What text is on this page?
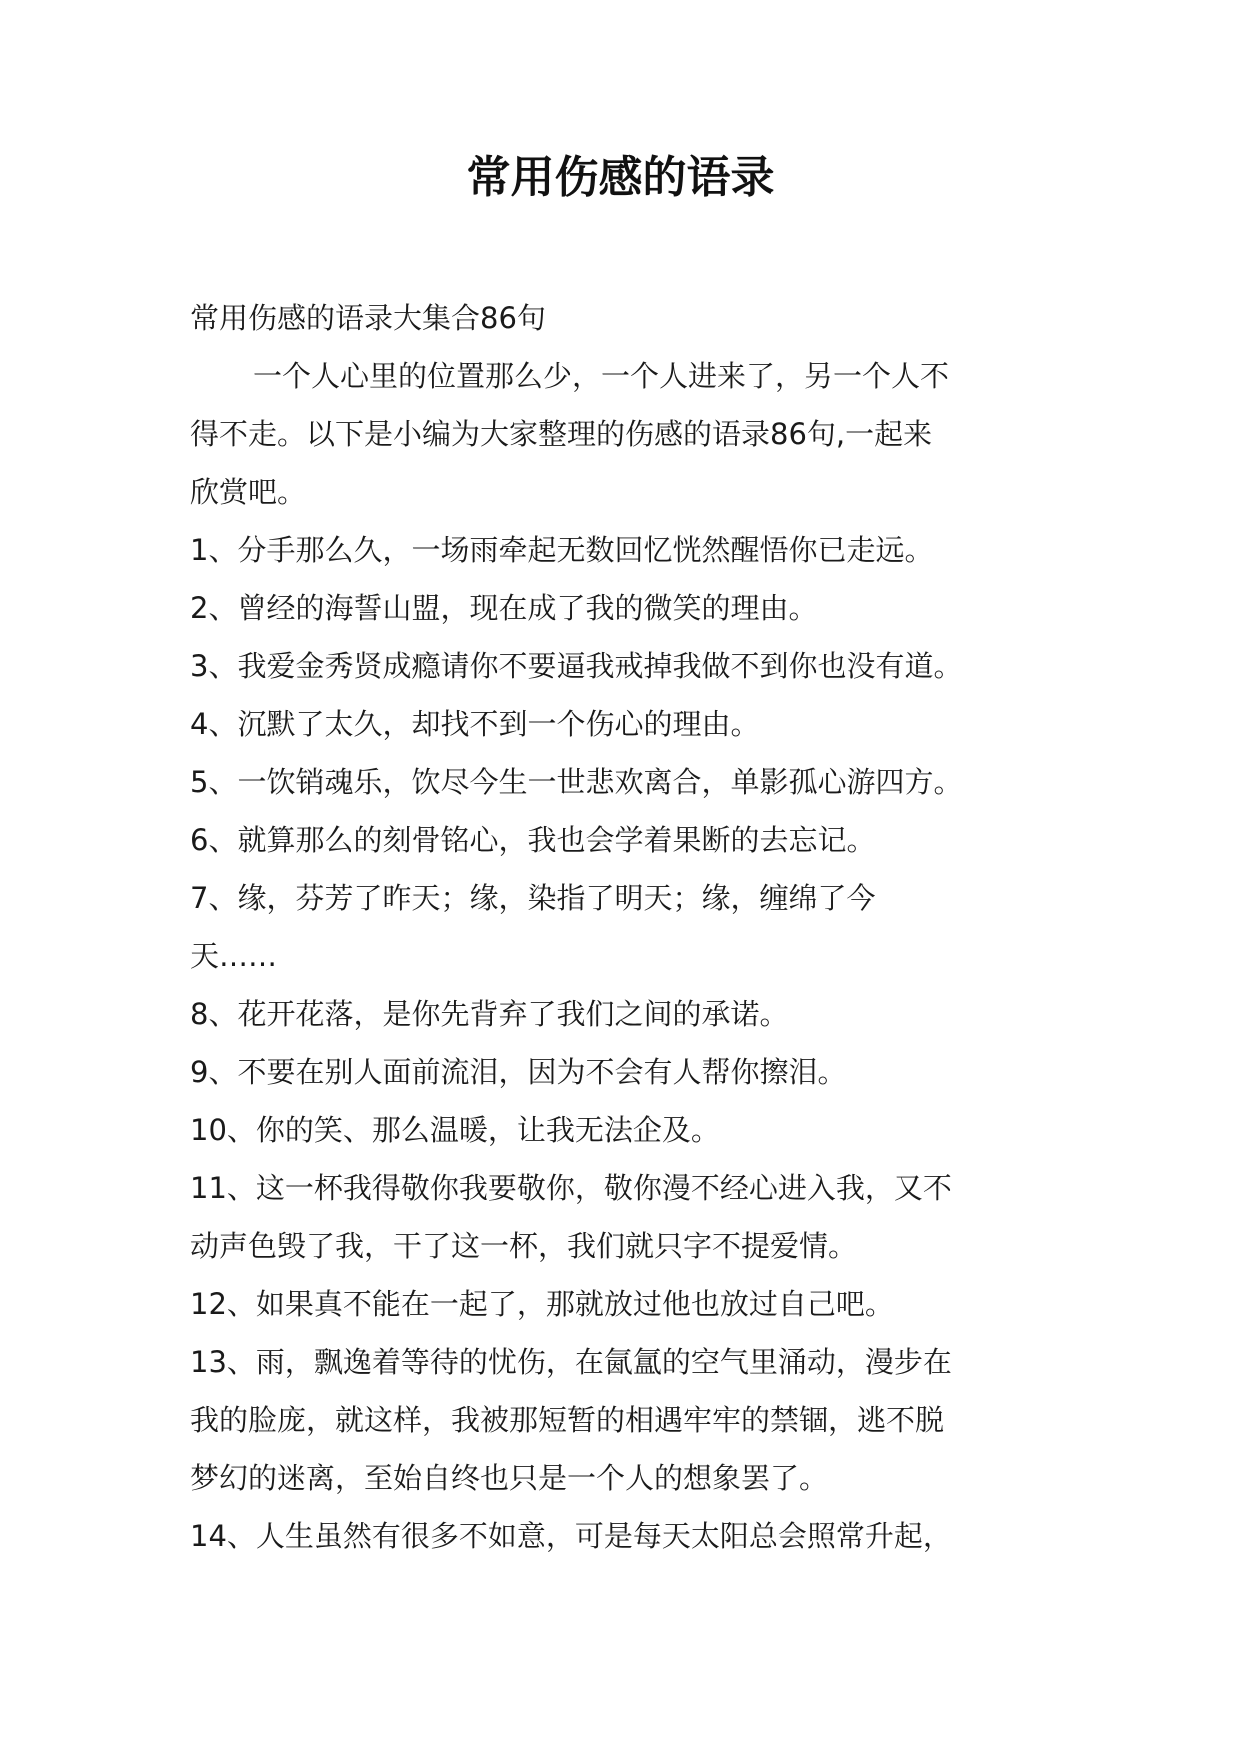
常用伤感的语录
常用伤感的语录大集合86句
一个人心里的位置那么少，一个人进来了，另一个人不
得不走。以下是小编为大家整理的伤感的语录86句,一起来
欣赏吧。
1、分手那么久，一场雨牵起无数回忆恍然醒悟你已走远。
2、曾经的海誓山盟，现在成了我的微笑的理由。
3、我爱金秀贤成瘾请你不要逼我戒掉我做不到你也没有道。
4、沉默了太久，却找不到一个伤心的理由。
5、一饮销魂乐，饮尽今生一世悲欢离合，单影孤心游四方。
6、就算那么的刻骨铭心，我也会学着果断的去忘记。
7、缘，芬芳了昨天；缘，染指了明天；缘，缠绵了今
天……
8、花开花落，是你先背弃了我们之间的承诺。
9、不要在别人面前流泪，因为不会有人帮你擦泪。
10、你的笑、那么温暖，让我无法企及。
11、这一杯我得敬你我要敬你，敬你漫不经心进入我，又不
动声色毁了我，干了这一杯，我们就只字不提爱情。
12、如果真不能在一起了，那就放过他也放过自己吧。
13、雨，飘逸着等待的忧伤，在氤氲的空气里涌动，漫步在
我的脸庞，就这样，我被那短暂的相遇牢牢的禁锢，逃不脱
梦幻的迷离，至始自终也只是一个人的想象罢了。
14、人生虽然有很多不如意，可是每天太阳总会照常升起，
